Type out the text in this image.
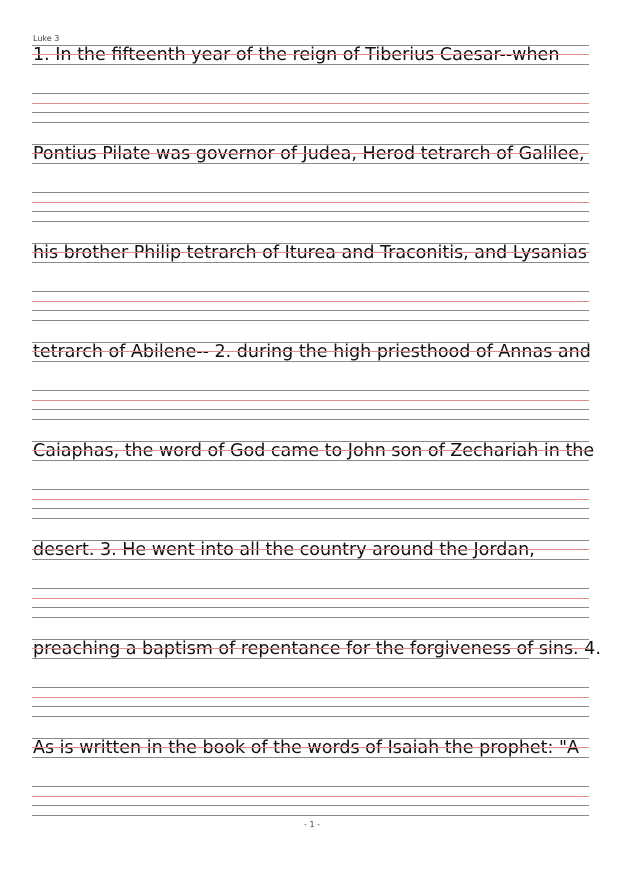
Luke 3
1. In the fifteenth year of the reign of Tiberius Caesar--when
Pontius Pilate was governor of Judea, Herod tetrarch of Galilee,
his brother Philip tetrarch of Iturea and Traconitis, and Lysanias
tetrarch of Abilene-- 2. during the high priesthood of Annas and
Caiaphas, the word of God came to John son of Zechariah in the
desert. 3. He went into all the country around the Jordan,
preaching a baptism of repentance for the forgiveness of sins. 4.
As is written in the book of the words of Isaiah the prophet: "A
- 1 -
